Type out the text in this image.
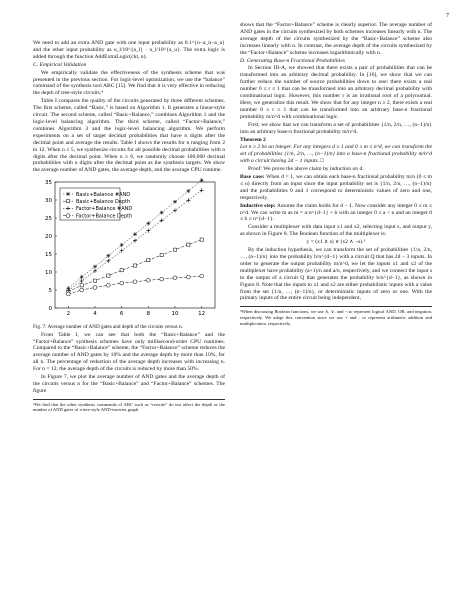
7

We need to add an extra AND gate with one input probability as 0.1^{n−a_n−a_u} and the other input probability as u_l/10^{a_l} · u_l/10^{a_u}. The extra logic is added through the function AddExtraLogic(ckt, n).

C. Empirical Validation

We empirically validate the effectiveness of the synthesis scheme that was presented in the previous section. For logic-level optimization, we use the “balance” command of the synthesis tool ABC [15]. We find that it is very effective in reducing the depth of tree-style circuits.⁴

Table I compares the quality of the circuits generated by three different schemes. The first scheme, called “Basic,” is based on Algorithm 1. It generates a linear-style circuit. The second scheme, called “Basic+Balance,” combines Algorithm 1 and the logic-level balancing algorithm. The third scheme, called “Factor+Balance,” combines Algorithm 3 and the logic-level balancing algorithm. We perform experiments on a set of target decimal probabilities that have n digits after the decimal point and average the results. Table I shows the results for n ranging from 2 to 12. When n ≤ 5, we synthesize circuits for all possible decimal probabilities with n digits after the decimal point. When n ≥ 6, we randomly choose 100,000 decimal probabilities with n digits after the decimal point as the synthesis targets. We show the average number of AND gates, the average depth, and the average CPU runtime.

2	4	6	8	10	12
0
5
10
15
20
25
30
35
Basic+Balance #AND
Basic+Balance Depth
Factor+Balance #AND
Factor+Balance Depth

Fig. 7: Average number of AND gates and depth of the circuits versus n.

From Table I, we can see that both the “Basic+Balance” and the “Factor+Balance” synthesis schemes have only millisecond-order CPU runtimes. Compared to the “Basic+Balance” scheme, the “Factor+Balance” scheme reduces the average number of AND gates by 10% and the average depth by more than 10%, for all n. The percentage of reduction of the average depth increases with increasing n. For n = 12, the average depth of the circuits is reduced by more than 50%.

In Figure 7, we plot the average number of AND gates and the average depth of the circuits versus n for the “Basic+Balance” and “Factor+Balance” schemes. The figure

⁴We find that the other synthesis commands of ABC such as “rewrite” do not affect the depth or the number of AND gates of a tree-style AND-inverter graph.

shows that the “Factor+Balance” scheme is clearly superior. The average number of AND gates in the circuits synthesized by both schemes increases linearly with n. The average depth of the circuits synthesized by the “Basic+Balance” scheme also increases linearly with n. In contrast, the average depth of the circuits synthesized by the “Factor+Balance” scheme increases logarithmically with n.

D. Generating Base-n Fractional Probabilities

In Section III-A, we showed that there exists a pair of probabilities that can be transformed into an arbitrary decimal probability. In [16], we show that we can further reduce the number of source probabilities down to one: there exists a real number 0 ≤ r ≤ 1 that can be transformed into an arbitrary decimal probability with combinational logic. However, this number r is an irrational root of a polynomial. Here, we generalize this result. We show that for any integer n ≥ 2, there exists a real number 0 ≤ r ≤ 1 that can be transformed into an arbitrary base-n fractional probability m/n^d with combinational logic.

First, we show that we can transform a set of probabilities {1/n, 2/n, …, (n−1)/n} into an arbitrary base-n fractional probability m/n^d.

Theorem 2

Let n ≥ 2 be an integer. For any integers d ≥ 1 and 0 ≤ m ≤ n^d, we can transform the set of probabilities {1/n, 2/n, …, (n−1)/n} into a base-n fractional probability m/n^d with a circuit having 2d − 1 inputs. □

Proof: We prove the above claim by induction on d.

Base case: When d = 1, we can obtain each base-n fractional probability m/n (0 ≤ m ≤ n) directly from an input since the input probability set is {1/n, 2/n, …, (n−1)/n} and the probabilities 0 and 1 correspond to deterministic values of zero and one, respectively.

Inductive step: Assume the claim holds for d − 1. Now consider any integer 0 ≤ m ≤ n^d. We can write m as m = a·n^{d−1} + b with an integer 0 ≤ a < n and an integer 0 ≤ b ≤ n^{d−1}.

Consider a multiplexer with data input x1 and x2, selecting input s, and output y, as shown in Figure 8. The Boolean function of the multiplexer is:

y = (x1 ∧ s) ∨ (x2 ∧ ¬s).⁵

By the induction hypothesis, we can transform the set of probabilities {1/n, 2/n, …, (n−1)/n} into the probability b/n^{d−1} with a circuit Q that has 2d − 3 inputs. In order to generate the output probability m/n^d, we let the inputs x1 and x2 of the multiplexer have probability (a+1)/n and a/n, respectively, and we connect the input s to the output of a circuit Q that generates the probability b/n^{d−1}, as shown in Figure 8. Note that the inputs to x1 and x2 are either probabilistic inputs with a value from the set {1/n, …, (n−1)/n}, or deterministic inputs of zero or one. With the primary inputs of the entire circuit being independent,

⁵When discussing Boolean functions, we use ∧, ∨, and ¬ to represent logical AND, OR, and negation, respectively. We adopt this convention since we use + and · to represent arithmetic addition and multiplication, respectively.
